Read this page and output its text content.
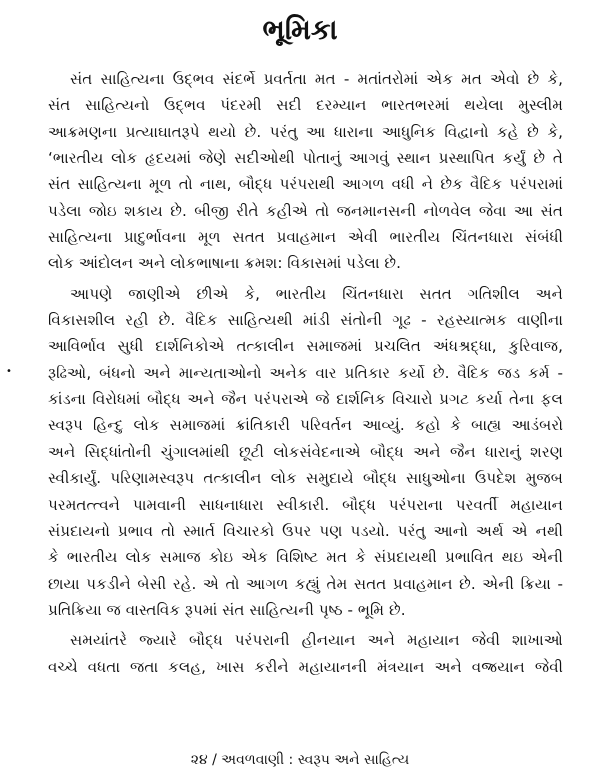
ભૂમિકા
•
સંત સાહિત્યના ઉદ્ભવ સંદર્ભે પ્રવર્તતા મત - મતાંતરોમાં એક મત એવો છે કે,
સંત સાહિત્યનો ઉદ્ભવ પંદરમી સદી દરમ્યાન ભારતભરમાં થયેલા મુસ્લીમ
આક્રમણના પ્રત્યાઘાતરૂપે થયો છે. પરંતુ આ ધારાના આધુનિક વિદ્વાનો કહે છે કે,
‘ભારતીય લોક હૃદયમાં જેણે સદીઓથી પોતાનું આગવું સ્થાન પ્રસ્થાપિત કર્યું છે તે
સંત સાહિત્યના મૂળ તો નાથ, બૌદ્ધ પરંપરાથી આગળ વધી ને છેક વૈદિક પરંપરામાં
પડેલા જોઇ શકાય છે. બીજી રીતે કહીએ તો જનમાનસની નોળવેલ જેવા આ સંત
સાહિત્યના પ્રાદુર્ભાવના મૂળ સતત પ્રવાહમાન એવી ભારતીય ચિંતનધારા સંબંધી
લોક આંદોલન અને લોકભાષાના ક્રમશ: વિકાસમાં પડેલા છે.
આપણે જાણીએ છીએ કે, ભારતીય ચિંતનધારા સતત ગતિશીલ અને
વિકાસશીલ રહી છે. વૈદિક સાહિત્યથી માંડી સંતોની ગૂઢ - રહસ્યાત્મક વાણીના
આવિર્ભાવ સુધી દાર્શનિકોએ તત્કાલીન સમાજમાં પ્રચલિત અંધશ્રદ્ધા, કુરિવાજ,
રૂઢિઓ, બંધનો અને માન્યતાઓનો અનેક વાર પ્રતિકાર કર્યો છે. વૈદિક જડ કર્મ -
કાંડના વિરોધમાં બૌદ્ધ અને જૈન પરંપરાએ જે દાર્શનિક વિચારો પ્રગટ કર્યા તેના ફલ
સ્વરૂપ હિન્દુ લોક સમાજમાં ક્રાંતિકારી પરિવર્તન આવ્યું. કહો કે બાહ્ય આડંબરો
અને સિદ્ધાંતોની ચુંગાલમાંથી છૂટી લોકસંવેદનાએ બૌદ્ધ અને જૈન ધારાનું શરણ
સ્વીકાર્યું. પરિણામસ્વરૂપ તત્કાલીન લોક સમુદાયે બૌદ્ધ સાધુઓના ઉપદેશ મુજબ
પરમતત્ત્વને પામવાની સાધનાધારા સ્વીકારી. બૌદ્ધ પરંપરાના પરવર્તી મહાયાન
સંપ્રદાયનો પ્રભાવ તો સ્માર્ત વિચારકો ઉપર પણ પડયો. પરંતુ આનો અર્થ એ નથી
કે ભારતીય લોક સમાજ કોઇ એક વિશિષ્ટ મત કે સંપ્રદાયથી પ્રભાવિત થઇ એની
છાયા પકડીને બેસી રહે. એ તો આગળ કહ્યું તેમ સતત પ્રવાહમાન છે. એની ક્રિયા -
પ્રતિક્રિયા જ વાસ્તવિક રૂપમાં સંત સાહિત્યની પૃષ્ઠ - ભૂમિ છે.
સમયાંતરે જ્યારે બૌદ્ધ પરંપરાની હીનયાન અને મહાયાન જેવી શાખાઓ
વચ્ચે વધતા જતા કલહ, ખાસ કરીને મહાયાનની મંત્રયાન અને વજ્રયાન જેવી
૨૪ / અવળવાણી : સ્વરૂપ અને સાહિત્ય
